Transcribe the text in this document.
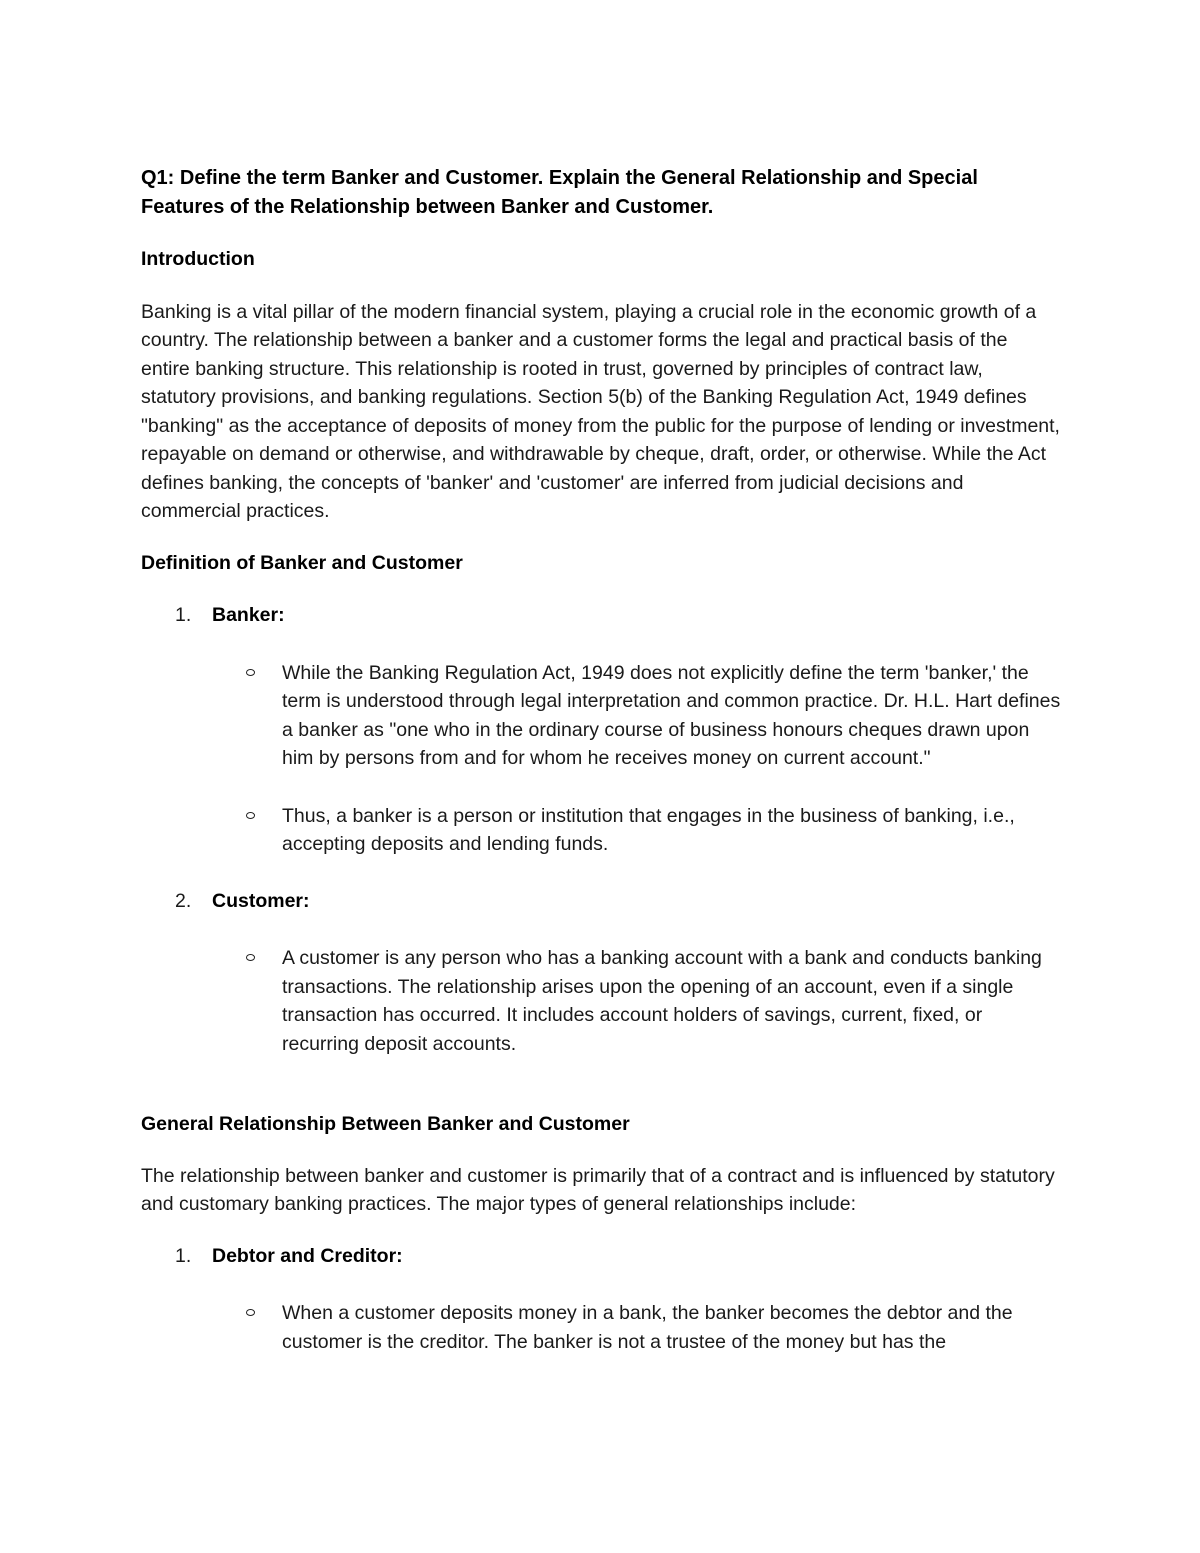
Q1: Define the term Banker and Customer. Explain the General Relationship and Special Features of the Relationship between Banker and Customer.

Introduction

Banking is a vital pillar of the modern financial system, playing a crucial role in the economic growth of a country. The relationship between a banker and a customer forms the legal and practical basis of the entire banking structure. This relationship is rooted in trust, governed by principles of contract law, statutory provisions, and banking regulations. Section 5(b) of the Banking Regulation Act, 1949 defines "banking" as the acceptance of deposits of money from the public for the purpose of lending or investment, repayable on demand or otherwise, and withdrawable by cheque, draft, order, or otherwise. While the Act defines banking, the concepts of 'banker' and 'customer' are inferred from judicial decisions and commercial practices.

Definition of Banker and Customer

1. Banker:
While the Banking Regulation Act, 1949 does not explicitly define the term 'banker,' the term is understood through legal interpretation and common practice. Dr. H.L. Hart defines a banker as "one who in the ordinary course of business honours cheques drawn upon him by persons from and for whom he receives money on current account."
Thus, a banker is a person or institution that engages in the business of banking, i.e., accepting deposits and lending funds.
2. Customer:
A customer is any person who has a banking account with a bank and conducts banking transactions. The relationship arises upon the opening of an account, even if a single transaction has occurred. It includes account holders of savings, current, fixed, or recurring deposit accounts.

General Relationship Between Banker and Customer

The relationship between banker and customer is primarily that of a contract and is influenced by statutory and customary banking practices. The major types of general relationships include:

1. Debtor and Creditor:
When a customer deposits money in a bank, the banker becomes the debtor and the customer is the creditor. The banker is not a trustee of the money but has the
